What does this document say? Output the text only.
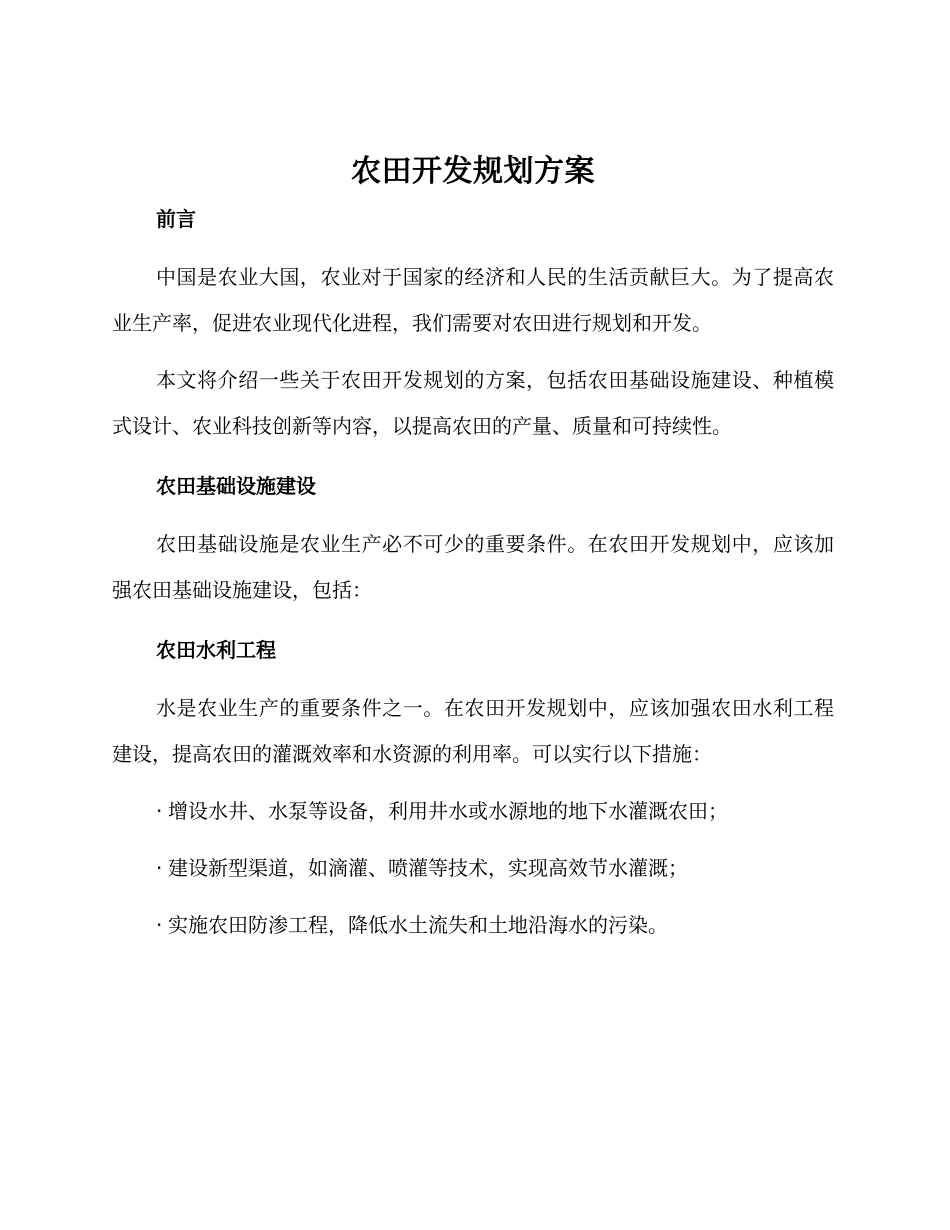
农田开发规划方案
前言

中国是农业大国，农业对于国家的经济和人民的生活贡献巨大。为了提高农业生产率，促进农业现代化进程，我们需要对农田进行规划和开发。

本文将介绍一些关于农田开发规划的方案，包括农田基础设施建设、种植模式设计、农业科技创新等内容，以提高农田的产量、质量和可持续性。

农田基础设施建设

农田基础设施是农业生产必不可少的重要条件。在农田开发规划中，应该加强农田基础设施建设，包括：

农田水利工程

水是农业生产的重要条件之一。在农田开发规划中，应该加强农田水利工程建设，提高农田的灌溉效率和水资源的利用率。可以实行以下措施：

· 增设水井、水泵等设备，利用井水或水源地的地下水灌溉农田；
· 建设新型渠道，如滴灌、喷灌等技术，实现高效节水灌溉；
· 实施农田防渗工程，降低水土流失和土地沿海水的污染。
